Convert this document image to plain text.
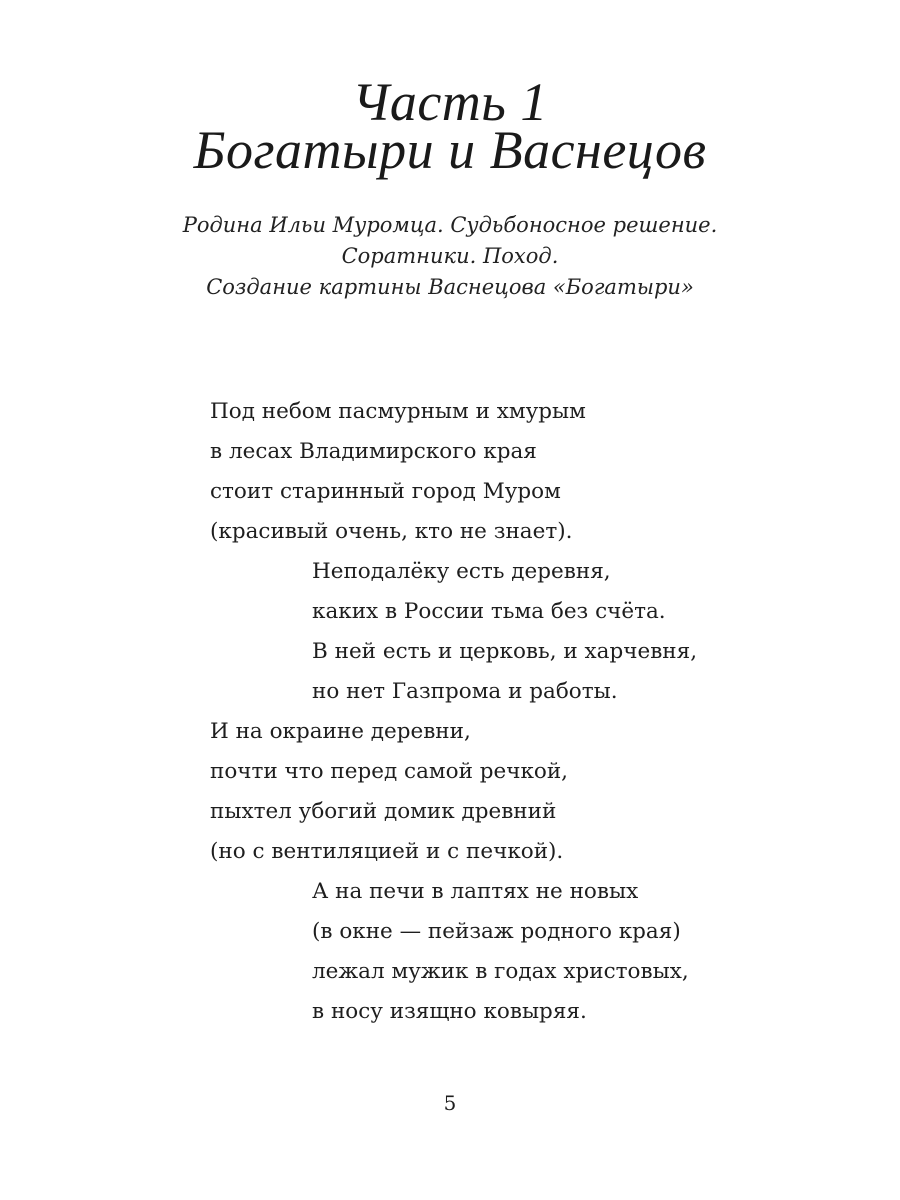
Часть 1
Богатыри и Васнецов
Родина Ильи Муромца. Судьбоносное решение.
Соратники. Поход.
Создание картины Васнецова «Богатыри»
Под небом пасмурным и хмурым
в лесах Владимирского края
стоит старинный город Муром
(красивый очень, кто не знает).
Неподалёку есть деревня,
каких в России тьма без счёта.
В ней есть и церковь, и харчевня,
но нет Газпрома и работы.
И на окраине деревни,
почти что перед самой речкой,
пыхтел убогий домик древний
(но с вентиляцией и с печкой).
А на печи в лаптях не новых
(в окне — пейзаж родного края)
лежал мужик в годах христовых,
в носу изящно ковыряя.
5
